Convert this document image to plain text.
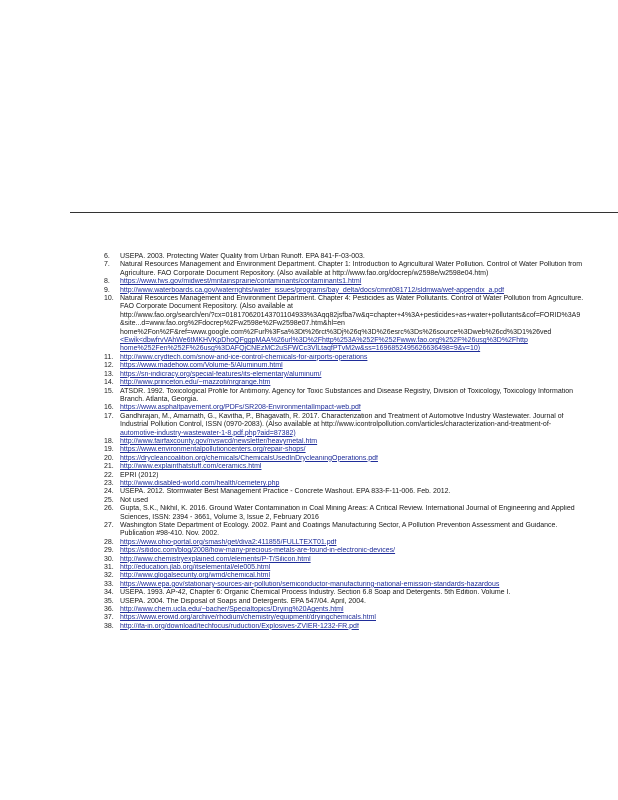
6. USEPA. 2003. Protecting Water Quality from Urban Runoff. EPA 841-F-03-003.
7. Natural Resources Management and Environment Department. Chapter 1: Introduction to Agricultural Water Pollution. Control of Water Pollution from
Agriculture. FAO Corporate Document Repository. (Also available at http://www.fao.org/docrep/w2598e/w2598e04.htm)
8. https://www.fws.gov/midwest/mntainsprairie/contaminants/contaminants1.html
9. http://www.waterboards.ca.gov/waterrights/water_issues/programs/bay_delta/docs/cmnt081712/sldmwa/wef-appendix_a.pdf
10. Natural Resources Management and Environment Department. Chapter 4: Pesticides as Water Pollutants. Control of Water Pollution from Agriculture.
FAO Corporate Document Repository. (Also available at
http://www.fao.org/search/en/?cx=018170620143701104933%3Aqq82jsfba7w&q=chapter+4%3A+pesticides+as+water+pollutants&cof=FORID%3A9
&site...d=www.fao.org%2Fdocrep%2Fw2598e%2Fw2598e07.htm&hl=en
home%2Fon%2F&ref=www.google.com%2Furl%3Fsa%3Dt%26rct%3Dj%26q%3D%26esrc%3Ds%26source%3Dweb%26cd%3D1%26ved
<Ewik<dbwfrvVAhWe6tMKHVKpDhoQFggpMAA%26url%3D%2Fhttp%253A%252F%252Fwww.fao.org%252F%26usg%3D%2Fhttp
home%252Fen%252F%26usg%3DAFQjCNEzMC2uSFWCc3VlLtaqfPTvM2w&ss=1696852495626636498=9&v=10)
11. http://www.crydtech.com/snow-and-ice-control-chemicals-for-airports-operations
12. https://www.madehow.com/Volume-5/Aluminum.html
13. https://sn-indicracy.org/special-features/its-elementary/aluminum/
14. http://www.princeton.edu/~mazzoti/nrgrange.htm
15. ATSDR. 1992. Toxicological Profile for Antimony. Agency for Toxic Substances and Disease Registry, Division of Toxicology, Toxicology Information
Branch. Atlanta, Georgia.
16. https://www.asphaltpavement.org/PDFs/SR208-EnvironmentalImpact-web.pdf
17. Gandhirajan, M., Amarnath, G., Kavitha, P., Bhagavath, R. 2017. Characterization and Treatment of Automotive Industry Wastewater. Journal of
Industrial Pollution Control, ISSN (0970-2083). (Also available at http://www.icontrolpollution.com/articles/characterization-and-treatment-of-
automotive-industry-wastewater-1-8.pdf.php?aid=87382)
18. http://www.fairfaxcounty.gov/nvswcd/newsletter/heavymetal.htm
19. https://www.environmentalpollutioncenters.org/repair-shops/
20. https://drycleancoalition.org/chemicals/ChemicalsUsedInDrycleaningOperations.pdf
21. http://www.explainthatstuff.com/ceramics.html
22. EPRI (2012)
23. http://www.disabled-world.com/health/cemetery.php
24. USEPA. 2012. Stormwater Best Management Practice - Concrete Washout. EPA 833-F-11-006. Feb. 2012.
25. Not used
26. Gupta, S.K., Nikhil, K. 2016. Ground Water Contamination in Coal Mining Areas: A Critical Review. International Journal of Engineering and Applied
Sciences, ISSN: 2394 - 3661, Volume 3, Issue 2, February 2016
27. Washington State Department of Ecology. 2002. Paint and Coatings Manufacturing Sector, A Pollution Prevention Assessment and Guidance.
Publication #98-410. Nov. 2002.
28. https://www.ohio-portal.org/smash/get/diva2:411855/FULLTEXT01.pdf
29. https://sitidoc.com/blog/2008/how-many-precious-metals-are-found-in-electronic-devices/
30. http://www.chemistryexplained.com/elements/P-T/Silicon.html
31. http://education.jlab.org/itselemental/ele005.html
32. http://www.glogalsecurity.org/wmd/chemical.html
33. https://www.epa.gov/stationary-sources-air-pollution/semiconductor-manufacturing-national-emission-standards-hazardous
34. USEPA. 1993. AP-42, Chapter 6: Organic Chemical Process Industry. Section 6.8 Soap and Detergents. 5th Edition. Volume I.
35. USEPA. 2004. The Disposal of Soaps and Detergents. EPA 547/04. April, 2004.
36. http://www.chem.ucla.edu/~bacher/Specialtopics/Drying%20Agents.html
37. https://www.erowid.org/archive/rhodium/chemistry/equipment/dryingchemicals.html
38. http://ifa-in.org/download/techfocus/ruduction/Explosives-ZVIER-1232-FR.pdf
